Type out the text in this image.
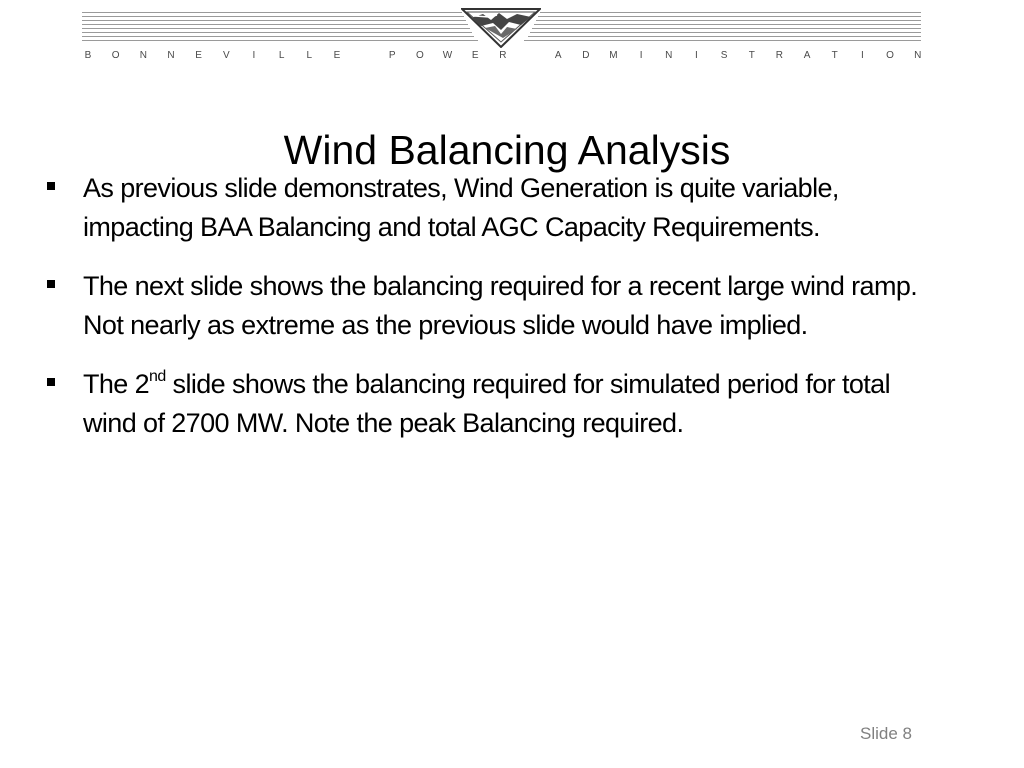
B O N N E V	I	L L E
	P O W E R
	A D M	I	N	I	S T R A T	I	O N
Wind Balancing Analysis
As previous slide demonstrates, Wind Generation is quite variable, impacting BAA Balancing and total AGC Capacity Requirements.
The next slide shows the balancing required for a recent large wind ramp. Not nearly as extreme as the previous slide would have implied.
The 2nd slide shows the balancing required for simulated period for total wind of 2700 MW. Note the peak Balancing required.
Slide 8
